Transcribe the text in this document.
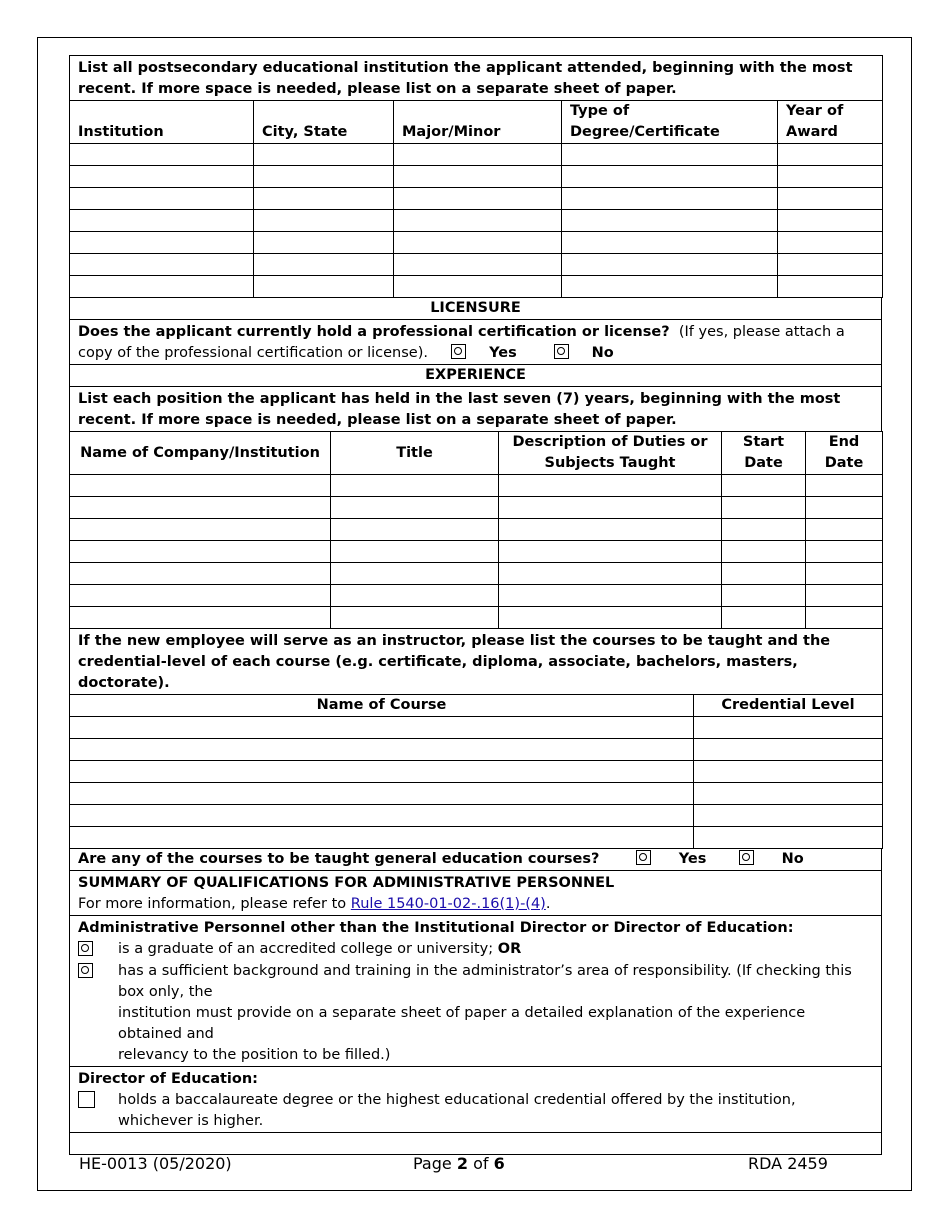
List all postsecondary educational institution the applicant attended, beginning with the most recent. If more space is needed, please list on a separate sheet of paper.				
Institution	City, State	Major/Minor	Type of Degree/Certificate	Year of Award

LICENSURE
Does the applicant currently hold a professional certification or license? (If yes, please attach a copy of the professional certification or license).	Yes	No
EXPERIENCE
List each position the applicant has held in the last seven (7) years, beginning with the most recent. If more space is needed, please list on a separate sheet of paper.
Name of Company/Institution	Title	Description of Duties or Subjects Taught	Start Date	End Date

If the new employee will serve as an instructor, please list the courses to be taught and the credential-level of each course (e.g. certificate, diploma, associate, bachelors, masters, doctorate).	
Name of Course	Credential Level

Are any of the courses to be taught general education courses?	Yes	No

SUMMARY OF QUALIFICATIONS FOR ADMINISTRATIVE PERSONNEL
For more information, please refer to Rule 1540-01-02-.16(1)-(4).

Administrative Personnel other than the Institutional Director or Director of Education:
is a graduate of an accredited college or university; OR
has a sufficient background and training in the administrator’s area of responsibility. (If checking this box only, the
institution must provide on a separate sheet of paper a detailed explanation of the experience obtained and
relevancy to the position to be filled.)

Director of Education:
holds a baccalaureate degree or the highest educational credential offered by the institution, whichever is higher.

HE-0013 (05/2020)	Page 2 of 6	RDA 2459
